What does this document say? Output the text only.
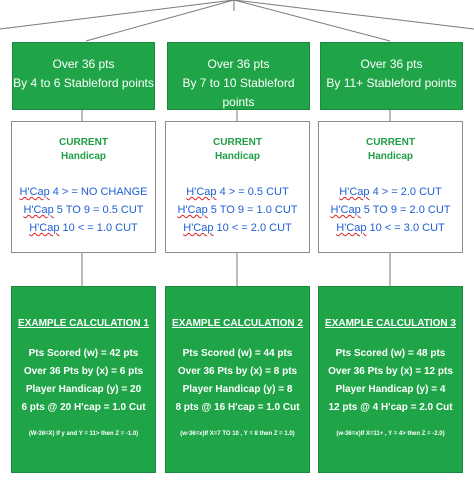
Over 36 pts
By 4 to 6 Stableford points
CURRENT
Handicap
H'Cap 4 > = NO CHANGE
H'Cap 5 TO 9 = 0.5 CUT
H'Cap 10 < = 1.0 CUT
EXAMPLE CALCULATION 1
Pts Scored (w) = 42 pts
Over 36 Pts by (x) = 6 pts
Player Handicap (y) = 20
6 pts @ 20 H'cap = 1.0 Cut
(W-36=X) If y and Y = 11> then Z = -1.0)
Over 36 pts
By 7 to 10 Stableford points
CURRENT
Handicap
H'Cap 4 > = 0.5 CUT
H'Cap 5 TO 9 = 1.0 CUT
H'Cap 10 < = 2.0 CUT
EXAMPLE CALCULATION 2
Pts Scored (w) = 44 pts
Over 36 Pts by (x) = 8 pts
Player Handicap (y) = 8
8 pts @ 16 H'cap = 1.0 Cut
(w-36=x)If X=7 TO 10 , Y = 8 then Z = 1.0)
Over 36 pts
By 11+ Stableford points
CURRENT
Handicap
H'Cap 4 > = 2.0 CUT
H'Cap 5 TO 9 = 2.0 CUT
H'Cap 10 < = 3.0 CUT
EXAMPLE CALCULATION 3
Pts Scored (w) = 48 pts
Over 36 Pts by (x) = 12 pts
Player Handicap (y) = 4
12 pts @ 4 H'cap = 2.0 Cut
(w-36=x)If X=11+ , Y = 4> then Z = -2.0)
